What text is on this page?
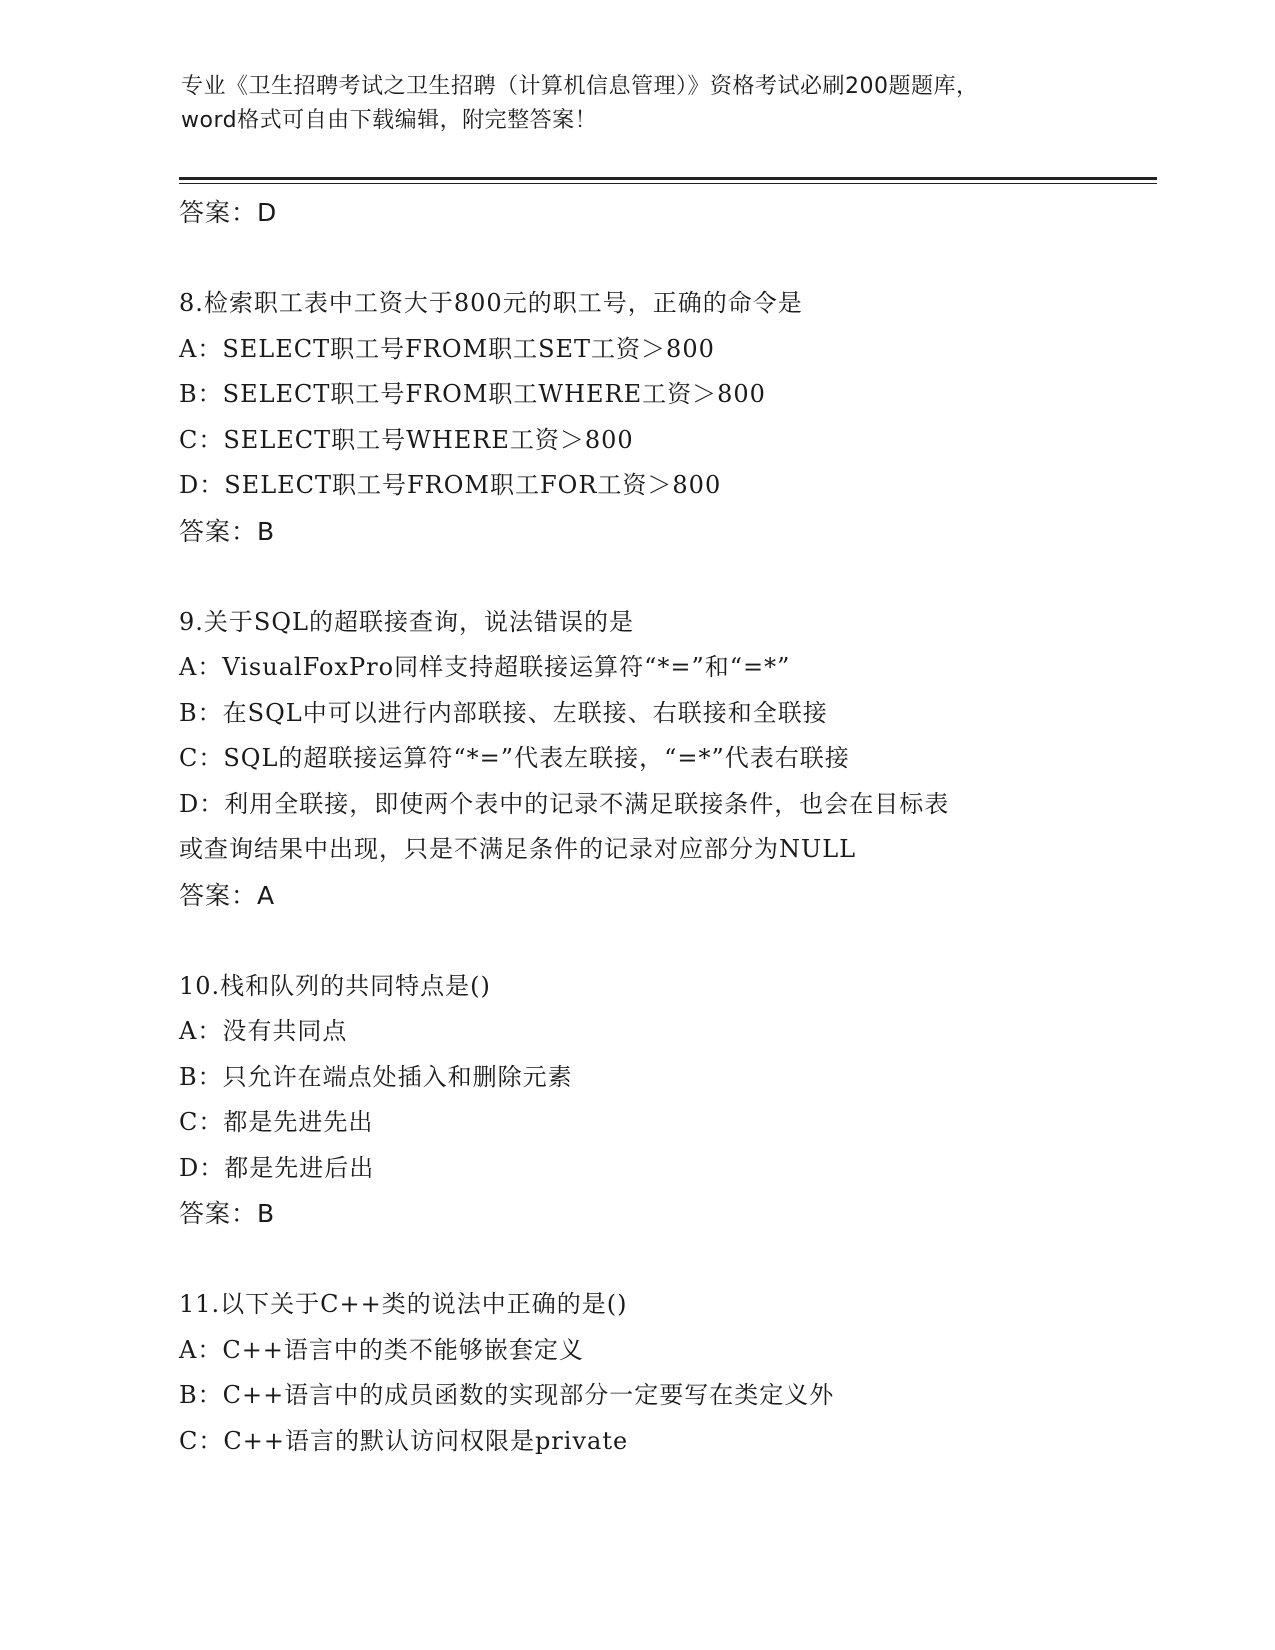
专业《卫生招聘考试之卫生招聘（计算机信息管理）》资格考试必刷200题题库，
word格式可自由下载编辑，附完整答案！
答案：D
8.检索职工表中工资大于800元的职工号，正确的命令是
A：SELECT职工号FROM职工SET工资＞800
B：SELECT职工号FROM职工WHERE工资＞800
C：SELECT职工号WHERE工资＞800
D：SELECT职工号FROM职工FOR工资＞800
答案：B
9.关于SQL的超联接查询，说法错误的是
A：VisualFoxPro同样支持超联接运算符“*=”和“=*”
B：在SQL中可以进行内部联接、左联接、右联接和全联接
C：SQL的超联接运算符“*=”代表左联接，“=*”代表右联接
D：利用全联接，即使两个表中的记录不满足联接条件，也会在目标表
或查询结果中出现，只是不满足条件的记录对应部分为NULL
答案：A
10.栈和队列的共同特点是()
A：没有共同点
B：只允许在端点处插入和删除元素
C：都是先进先出
D：都是先进后出
答案：B
11.以下关于C++类的说法中正确的是()
A：C++语言中的类不能够嵌套定义
B：C++语言中的成员函数的实现部分一定要写在类定义外
C：C++语言的默认访问权限是private
